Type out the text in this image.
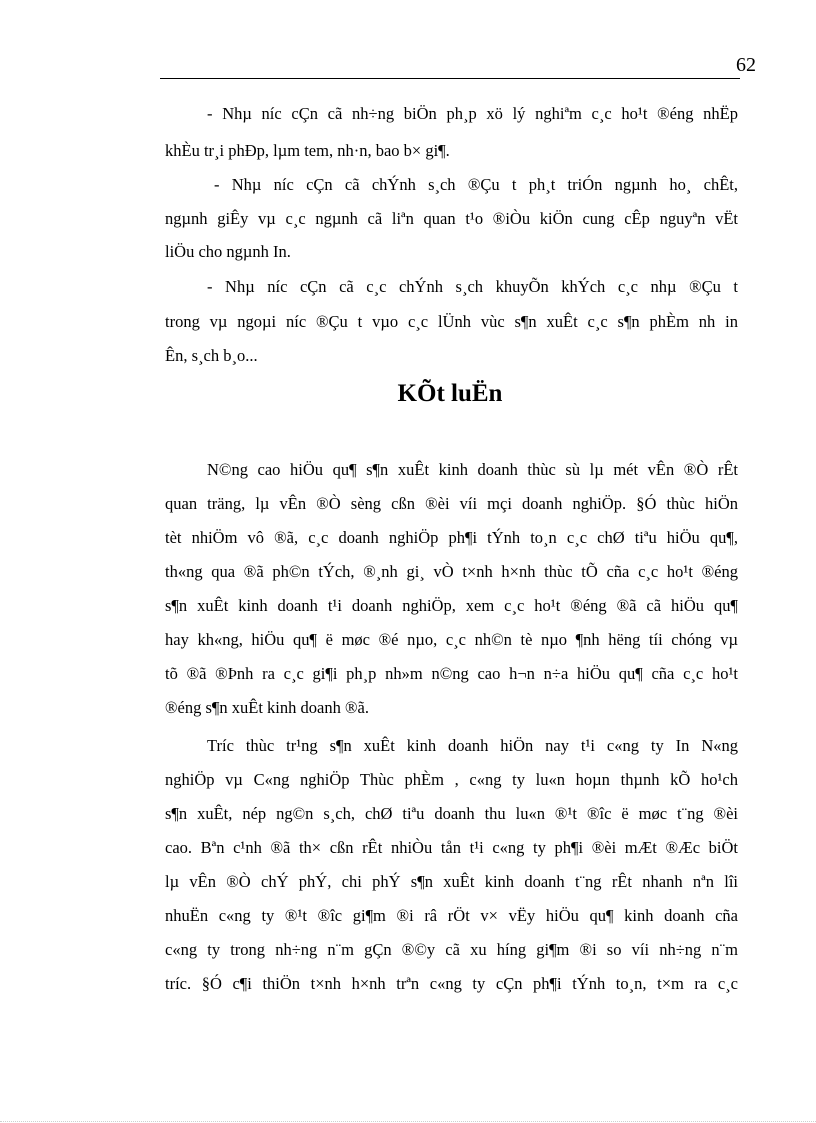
62
- Nhµ níc cÇn cã nh÷ng biÖn ph¸p xö lý nghiªm c¸c ho¹t ®éng nhËp
khÈu tr¸i phÐp, lµm tem, nh·n, bao b× gi¶.
- Nhµ níc cÇn cã chÝnh s¸ch ®Çu t ph¸t triÓn ngµnh ho¸ chÊt,
ngµnh giÊy vµ c¸c ngµnh cã liªn quan t¹o ®iÒu kiÖn cung cÊp nguyªn vËt
liÖu cho ngµnh In.
- Nhµ níc cÇn cã c¸c chÝnh s¸ch khuyÕn khÝch c¸c nhµ ®Çu t
trong vµ ngoµi níc ®Çu t vµo c¸c lÜnh vùc s¶n xuÊt c¸c s¶n phÈm nh in
Ên, s¸ch b¸o...
KÕt luËn
N©ng cao hiÖu qu¶ s¶n xuÊt kinh doanh thùc sù lµ mét vÊn ®Ò rÊt
quan träng, lµ vÊn ®Ò sèng cßn ®èi víi mçi doanh nghiÖp. §Ó thùc hiÖn
tèt nhiÖm vô ®ã, c¸c doanh nghiÖp ph¶i tÝnh to¸n c¸c chØ tiªu hiÖu qu¶,
th«ng qua ®ã ph©n tÝch, ®¸nh gi¸ vÒ t×nh h×nh thùc tÕ cña c¸c ho¹t ®éng
s¶n xuÊt kinh doanh t¹i doanh nghiÖp, xem c¸c ho¹t ®éng ®ã cã hiÖu qu¶
hay kh«ng, hiÖu qu¶ ë møc ®é nµo, c¸c nh©n tè nµo ¶nh hëng tíi chóng vµ
tõ ®ã ®Þnh ra c¸c gi¶i ph¸p nh»m n©ng cao h¬n n÷a hiÖu qu¶ cña c¸c ho¹t
®éng s¶n xuÊt kinh doanh ®ã.
Tríc thùc tr¹ng s¶n xuÊt kinh doanh hiÖn nay t¹i c«ng ty In N«ng
nghiÖp vµ C«ng nghiÖp Thùc phÈm , c«ng ty lu«n hoµn thµnh kÕ ho¹ch
s¶n xuÊt, nép ng©n s¸ch, chØ tiªu doanh thu lu«n ®¹t ®îc ë møc t¨ng ®èi
cao. Bªn c¹nh ®ã th× cßn rÊt nhiÒu tån t¹i c«ng ty ph¶i ®èi mÆt ®Æc biÖt
lµ vÊn ®Ò chÝ phÝ, chi phÝ s¶n xuÊt kinh doanh t¨ng rÊt nhanh nªn lîi
nhuËn c«ng ty ®¹t ®îc gi¶m ®i râ rÖt v× vËy hiÖu qu¶ kinh doanh cña
c«ng ty trong nh÷ng n¨m gÇn ®©y cã xu híng gi¶m ®i so víi nh÷ng n¨m
tríc. §Ó c¶i thiÖn t×nh h×nh trªn c«ng ty cÇn ph¶i tÝnh to¸n, t×m ra c¸c
